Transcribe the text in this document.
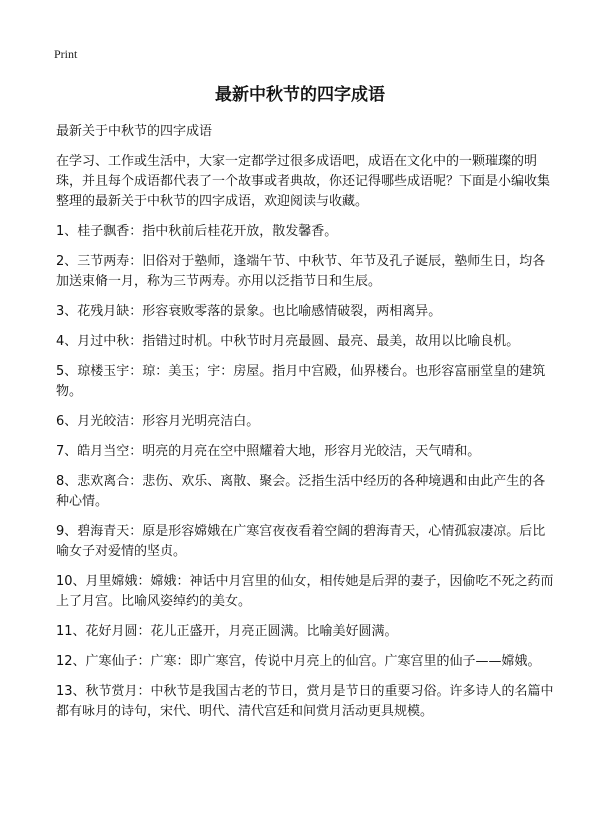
Print
最新中秋节的四字成语
最新关于中秋节的四字成语
在学习、工作或生活中，大家一定都学过很多成语吧，成语在文化中的一颗璀璨的明珠，并且每个成语都代表了一个故事或者典故，你还记得哪些成语呢？下面是小编收集整理的最新关于中秋节的四字成语，欢迎阅读与收藏。
1、桂子飘香：指中秋前后桂花开放，散发馨香。
2、三节两寿：旧俗对于塾师，逢端午节、中秋节、年节及孔子诞辰，塾师生日，均各加送束脩一月，称为三节两寿。亦用以泛指节日和生辰。
3、花残月缺：形容衰败零落的景象。也比喻感情破裂，两相离异。
4、月过中秋：指错过时机。中秋节时月亮最圆、最亮、最美，故用以比喻良机。
5、琼楼玉宇：琼：美玉；宇：房屋。指月中宫殿，仙界楼台。也形容富丽堂皇的建筑物。
6、月光皎洁：形容月光明亮洁白。
7、皓月当空：明亮的月亮在空中照耀着大地，形容月光皎洁，天气晴和。
8、悲欢离合：悲伤、欢乐、离散、聚会。泛指生活中经历的各种境遇和由此产生的各种心情。
9、碧海青天：原是形容嫦娥在广寒宫夜夜看着空阔的碧海青天，心情孤寂凄凉。后比喻女子对爱情的坚贞。
10、月里嫦娥：嫦娥：神话中月宫里的仙女，相传她是后羿的妻子，因偷吃不死之药而上了月宫。比喻风姿绰约的美女。
11、花好月圆：花儿正盛开，月亮正圆满。比喻美好圆满。
12、广寒仙子：广寒：即广寒宫，传说中月亮上的仙宫。广寒宫里的仙子——嫦娥。
13、秋节赏月：中秋节是我国古老的节日，赏月是节日的重要习俗。许多诗人的名篇中都有咏月的诗句，宋代、明代、清代宫廷和间赏月活动更具规模。
